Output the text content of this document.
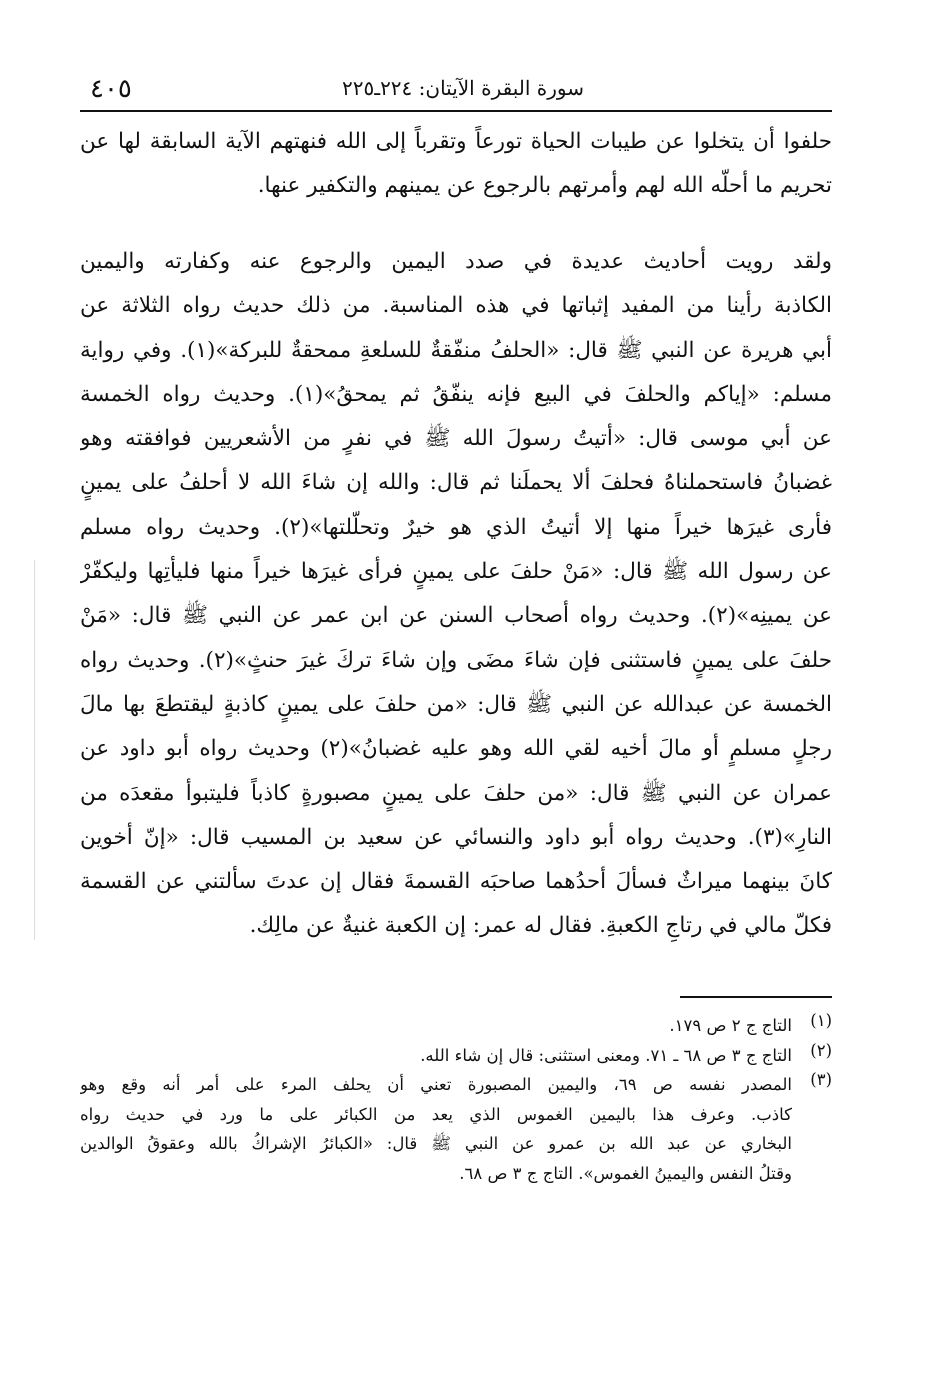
٤٠٥	سورة البقرة الآيتان: ٢٢٤ـ٢٢٥
حلفوا أن يتخلوا عن طيبات الحياة تورعاً وتقرباً إلى الله فنهتهم الآية السابقة لها عن
تحريم ما أحلّه الله لهم وأمرتهم بالرجوع عن يمينهم والتكفير عنها.
ولقد رويت أحاديث عديدة في صدد اليمين والرجوع عنه وكفارته واليمين
الكاذبة رأينا من المفيد إثباتها في هذه المناسبة. من ذلك حديث رواه الثلاثة عن
أبي هريرة عن النبي ﷺ قال: «الحلفُ منفّقةٌ للسلعةِ ممحقةٌ للبركة»(١). وفي رواية
مسلم: «إياكم والحلفَ في البيع فإنه ينفّقُ ثم يمحقُ»(١). وحديث رواه الخمسة
عن أبي موسى قال: «أتيتُ رسولَ الله ﷺ في نفرٍ من الأشعريين فوافقته وهو
غضبانُ فاستحملناهُ فحلفَ ألا يحملَنا ثم قال: والله إن شاءَ الله لا أحلفُ على يمينٍ
فأرى غيرَها خيراً منها إلا أتيتُ الذي هو خيرٌ وتحلّلتها»(٢). وحديث رواه مسلم
عن رسول الله ﷺ قال: «مَنْ حلفَ على يمينٍ فرأى غيرَها خيراً منها فليأتِها وليكفّرْ
عن يمينِه»(٢). وحديث رواه أصحاب السنن عن ابن عمر عن النبي ﷺ قال: «مَنْ
حلفَ على يمينٍ فاستثنى فإن شاءَ مضَى وإن شاءَ تركَ غيرَ حنثٍ»(٢). وحديث رواه
الخمسة عن عبدالله عن النبي ﷺ قال: «من حلفَ على يمينٍ كاذبةٍ ليقتطعَ بها مالَ
رجلٍ مسلمٍ أو مالَ أخيه لقي الله وهو عليه غضبانُ»(٢) وحديث رواه أبو داود عن
عمران عن النبي ﷺ قال: «من حلفَ على يمينٍ مصبورةٍ كاذباً فليتبوأ مقعدَه من
النارِ»(٣). وحديث رواه أبو داود والنسائي عن سعيد بن المسيب قال: «إنّ أخوين
كانَ بينهما ميراثٌ فسألَ أحدُهما صاحبَه القسمةَ فقال إن عدتَ سألتني عن القسمة
فكلّ مالي في رتاجِ الكعبةِ. فقال له عمر: إن الكعبة غنيةٌ عن مالِك.
(١)
التاج ج ٢ ص ١٧٩.
(٢)
التاج ج ٣ ص ٦٨ ـ ٧١. ومعنى استثنى: قال إن شاء الله.
(٣)
المصدر نفسه ص ٦٩، واليمين المصبورة تعني أن يحلف المرء على أمر أنه وقع وهو
كاذب. وعرف هذا باليمين الغموس الذي يعد من الكبائر على ما ورد في حديث رواه
البخاري عن عبد الله بن عمرو عن النبي ﷺ قال: «الكبائرُ الإشراكُ بالله وعقوقُ الوالدين
وقتلُ النفس واليمينُ الغموس». التاج ج ٣ ص ٦٨.
